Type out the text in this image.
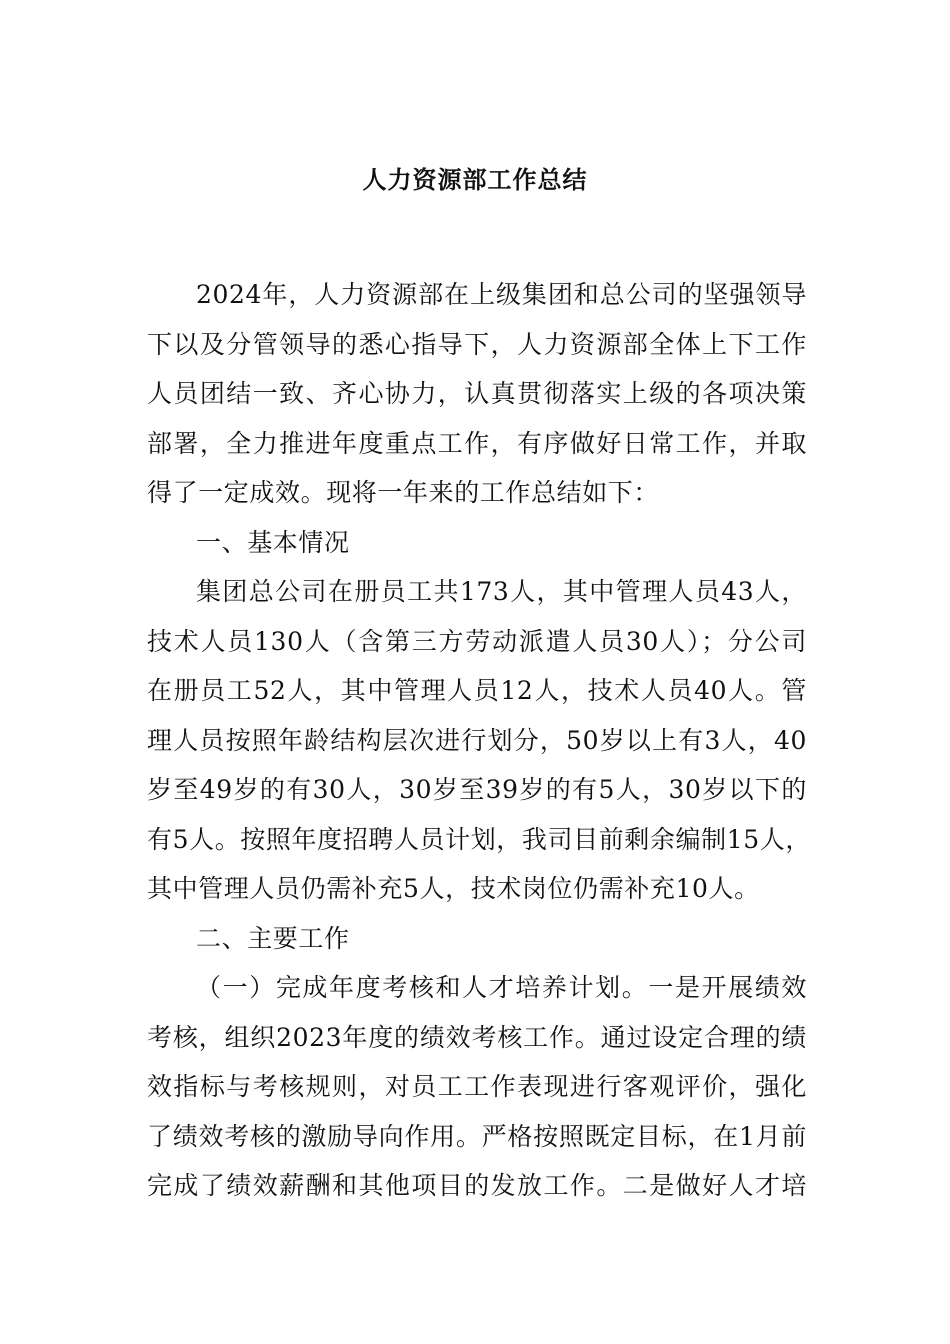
人力资源部工作总结
2024年，人力资源部在上级集团和总公司的坚强领导
下以及分管领导的悉心指导下，人力资源部全体上下工作
人员团结一致、齐心协力，认真贯彻落实上级的各项决策
部署，全力推进年度重点工作，有序做好日常工作，并取
得了一定成效。现将一年来的工作总结如下：
一、基本情况
集团总公司在册员工共173人，其中管理人员43人，
技术人员130人（含第三方劳动派遣人员30人）；分公司
在册员工52人，其中管理人员12人，技术人员40人。管
理人员按照年龄结构层次进行划分，50岁以上有3人，40
岁至49岁的有30人，30岁至39岁的有5人，30岁以下的
有5人。按照年度招聘人员计划，我司目前剩余编制15人，
其中管理人员仍需补充5人，技术岗位仍需补充10人。
二、主要工作
（一）完成年度考核和人才培养计划。一是开展绩效
考核，组织2023年度的绩效考核工作。通过设定合理的绩
效指标与考核规则，对员工工作表现进行客观评价，强化
了绩效考核的激励导向作用。严格按照既定目标，在1月前
完成了绩效薪酬和其他项目的发放工作。二是做好人才培
